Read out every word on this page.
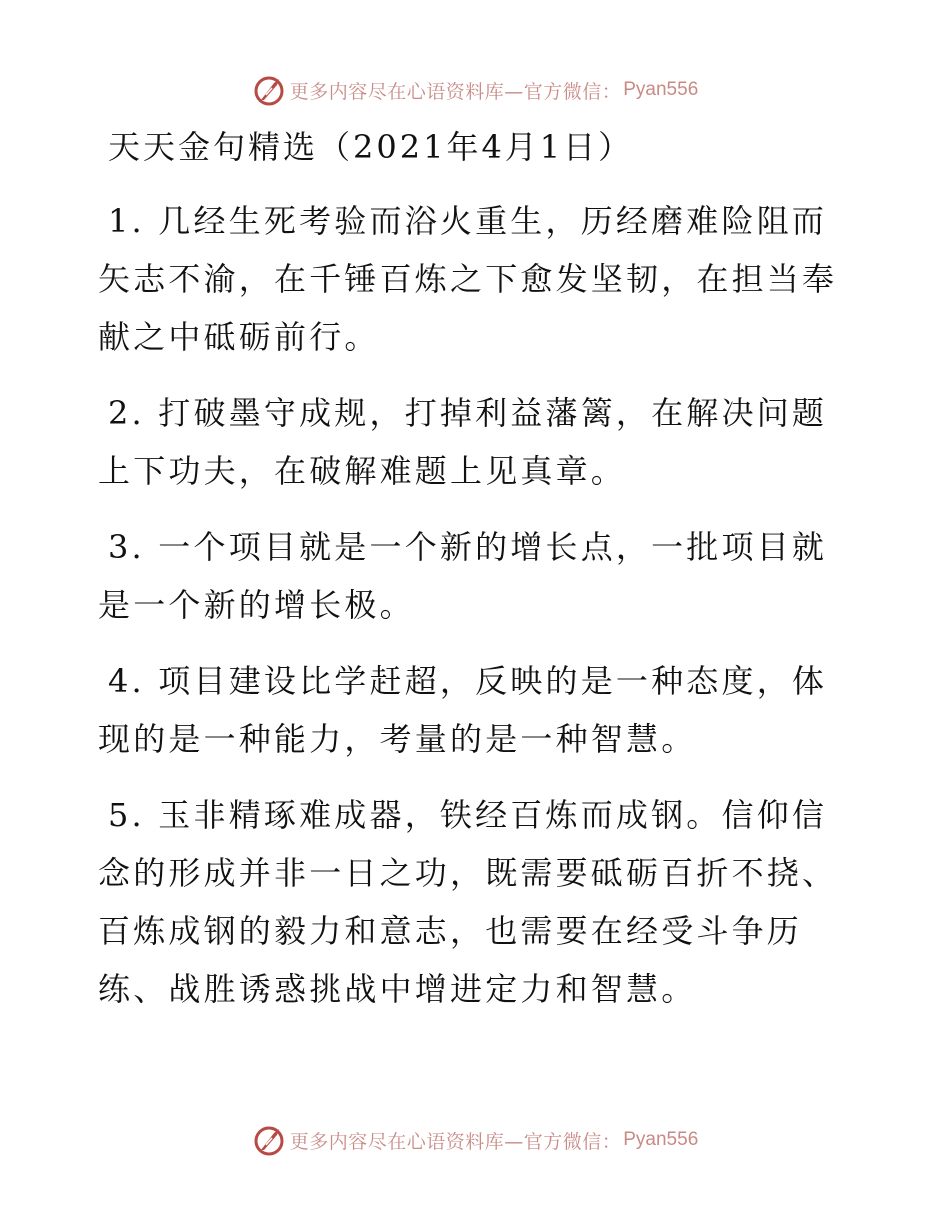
更多内容尽在心语资料库—官方微信： Pyan556
天天金句精选（2021年4月1日）
1. 几经生死考验而浴火重生，历经磨难险阻而矢志不渝，在千锤百炼之下愈发坚韧，在担当奉献之中砥砺前行。
2. 打破墨守成规，打掉利益藩篱，在解决问题上下功夫，在破解难题上见真章。
3. 一个项目就是一个新的增长点，一批项目就是一个新的增长极。
4. 项目建设比学赶超，反映的是一种态度，体现的是一种能力，考量的是一种智慧。
5. 玉非精琢难成器，铁经百炼而成钢。信仰信念的形成并非一日之功，既需要砥砺百折不挠、百炼成钢的毅力和意志，也需要在经受斗争历练、战胜诱惑挑战中增进定力和智慧。
更多内容尽在心语资料库—官方微信： Pyan556
